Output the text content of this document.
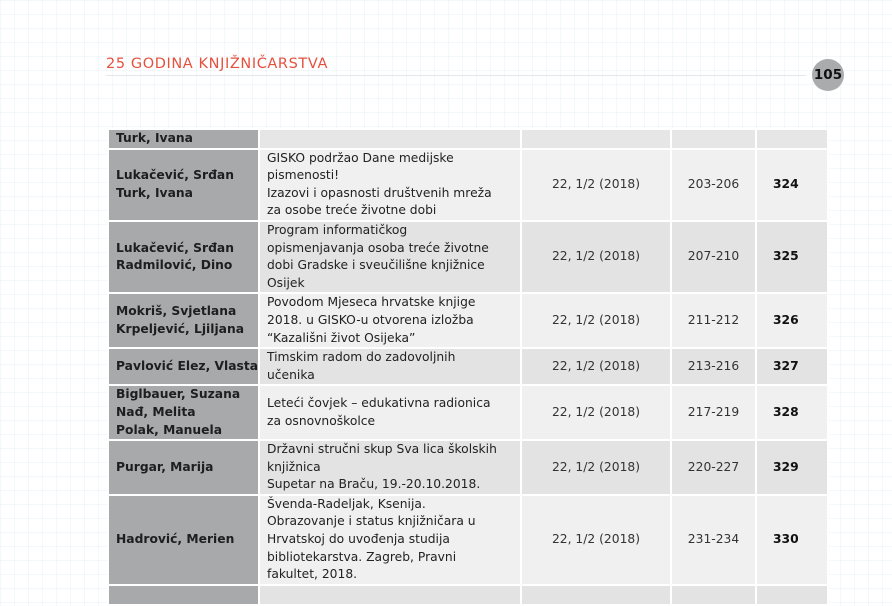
25 GODINA KNJIŽNIČARSTVA
105
Turk, Ivana				

Lukačević, Srđan
Turk, Ivana	GISKO podržao Dane medijske
pismenosti!
Izazovi i opasnosti društvenih mreža
za osobe treće životne dobi	22, 1/2 (2018)	203-206	324

Lukačević, Srđan
Radmilović, Dino	Program informatičkog
opismenjavanja osoba treće životne
dobi Gradske i sveučilišne knjižnice
Osijek	22, 1/2 (2018)	207-210	325

Mokriš, Svjetlana
Krpeljević, Ljiljana	Povodom Mjeseca hrvatske knjige
2018. u GISKO-u otvorena izložba
“Kazališni život Osijeka”	22, 1/2 (2018)	211-212	326

Pavlović Elez, Vlasta	Timskim radom do zadovoljnih
učenika	22, 1/2 (2018)	213-216	327

Biglbauer, Suzana
Nađ, Melita
Polak, Manuela	Leteći čovjek – edukativna radionica
za osnovnoškolce	22, 1/2 (2018)	217-219	328

Purgar, Marija	Državni stručni skup Sva lica školskih
knjižnica
Supetar na Braču, 19.-20.10.2018.	22, 1/2 (2018)	220-227	329

Hadrović, Merien	Švenda-Radeljak, Ksenija.
Obrazovanje i status knjižničara u
Hrvatskoj do uvođenja studija
bibliotekarstva. Zagreb, Pravni
fakultet, 2018.	22, 1/2 (2018)	231-234	330
